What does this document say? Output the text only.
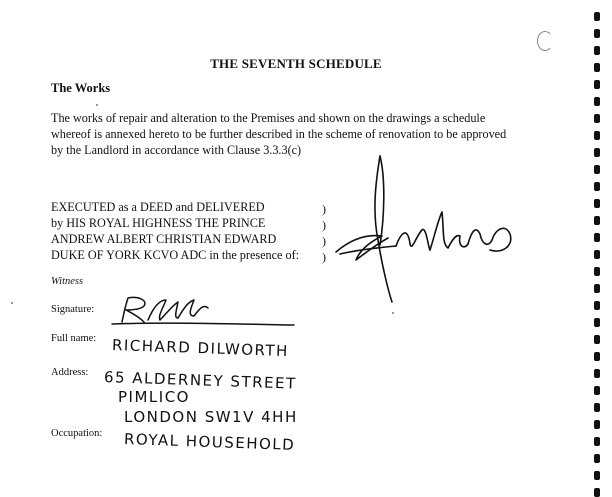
THE SEVENTH SCHEDULE
The Works
The works of repair and alteration to the Premises and shown on the drawings a schedule
whereof is annexed hereto to be further described in the scheme of renovation to be approved
by the Landlord in accordance with Clause 3.3.3(c)
EXECUTED as a DEED and DELIVERED
by HIS ROYAL HIGHNESS THE PRINCE
ANDREW ALBERT CHRISTIAN EDWARD
DUKE OF YORK KCVO ADC in the presence of:
)
)
)
)
Witness
Signature:
Full name: RICHARD DILWORTH
Address: 65 ALDERNEY STREET
PIMLICO
LONDON SW1V 4HH
Occupation: ROYAL HOUSEHOLD
